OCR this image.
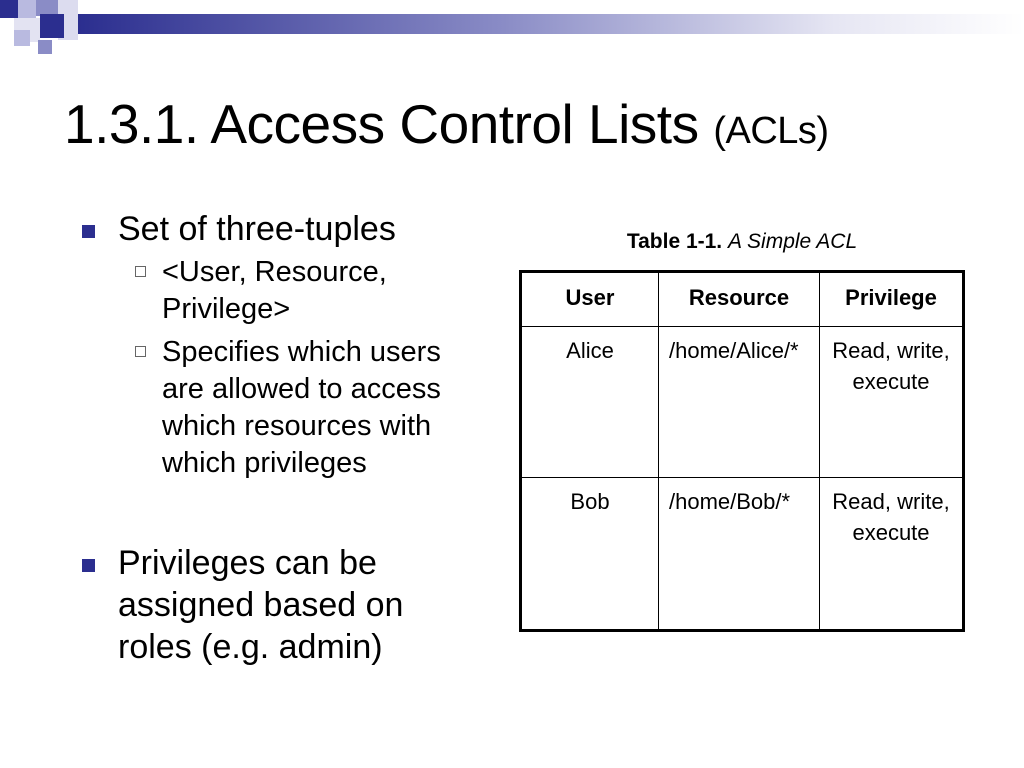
1.3.1. Access Control Lists (ACLs)
Set of three-tuples
<User, Resource, Privilege>
Specifies which users are allowed to access which resources with which privileges
Privileges can be assigned based on roles (e.g. admin)
Table 1-1. A Simple ACL
User	Resource	Privilege
Alice	/home/Alice/*	Read, write, execute
Bob	/home/Bob/*	Read, write, execute
